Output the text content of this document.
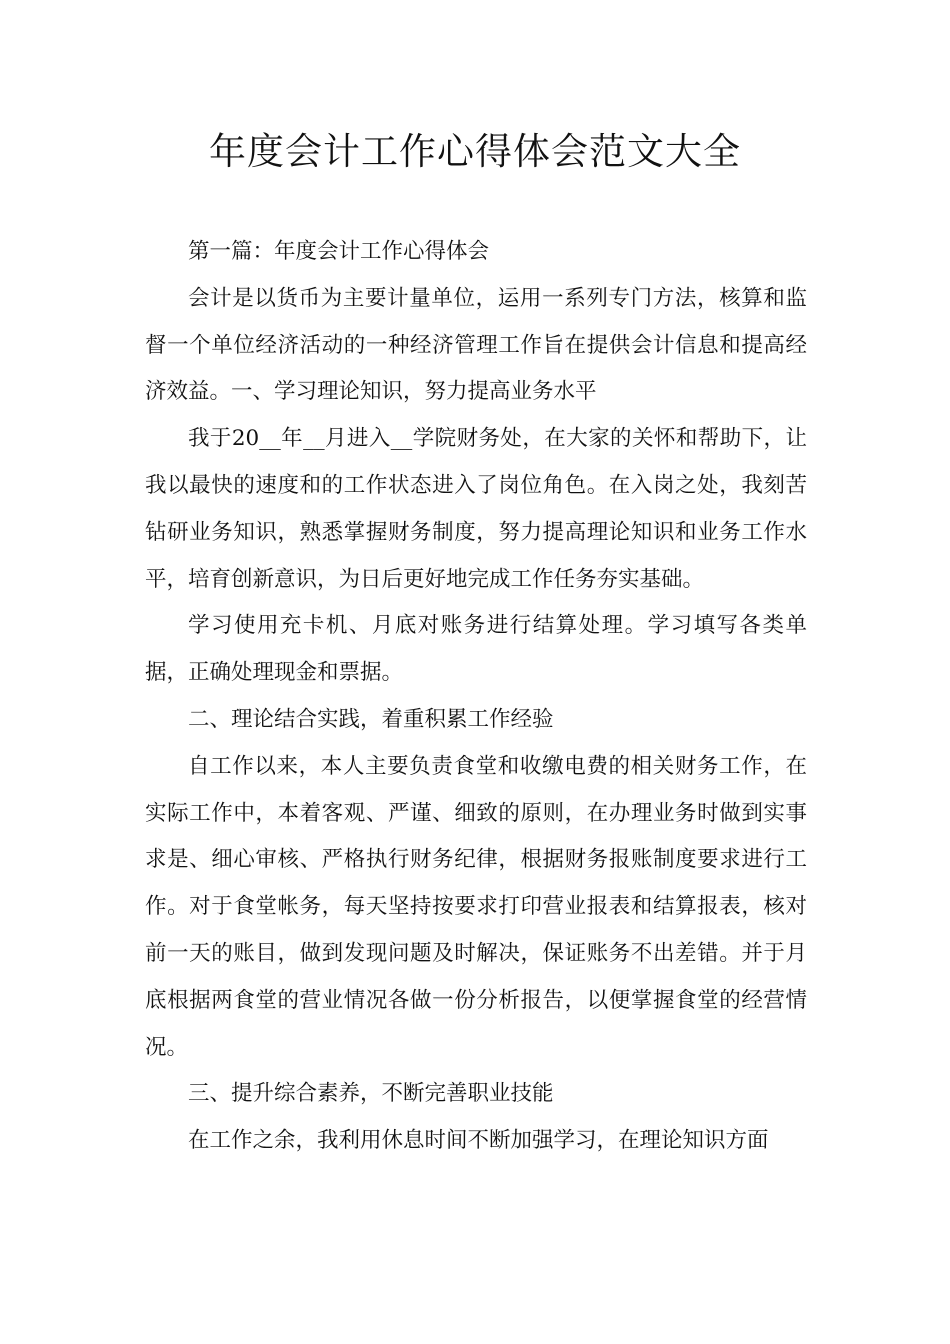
年度会计工作心得体会范文大全

第一篇：年度会计工作心得体会

会计是以货币为主要计量单位，运用一系列专门方法，核算和监督一个单位经济活动的一种经济管理工作旨在提供会计信息和提高经济效益。一、学习理论知识，努力提高业务水平

我于20__年__月进入__学院财务处，在大家的关怀和帮助下，让我以最快的速度和的工作状态进入了岗位角色。在入岗之处，我刻苦钻研业务知识，熟悉掌握财务制度，努力提高理论知识和业务工作水平，培育创新意识，为日后更好地完成工作任务夯实基础。

学习使用充卡机、月底对账务进行结算处理。学习填写各类单据，正确处理现金和票据。

二、理论结合实践，着重积累工作经验

自工作以来，本人主要负责食堂和收缴电费的相关财务工作，在实际工作中，本着客观、严谨、细致的原则，在办理业务时做到实事求是、细心审核、严格执行财务纪律，根据财务报账制度要求进行工作。对于食堂帐务，每天坚持按要求打印营业报表和结算报表，核对前一天的账目，做到发现问题及时解决，保证账务不出差错。并于月底根据两食堂的营业情况各做一份分析报告，以便掌握食堂的经营情况。

三、提升综合素养，不断完善职业技能

在工作之余，我利用休息时间不断加强学习，在理论知识方面
